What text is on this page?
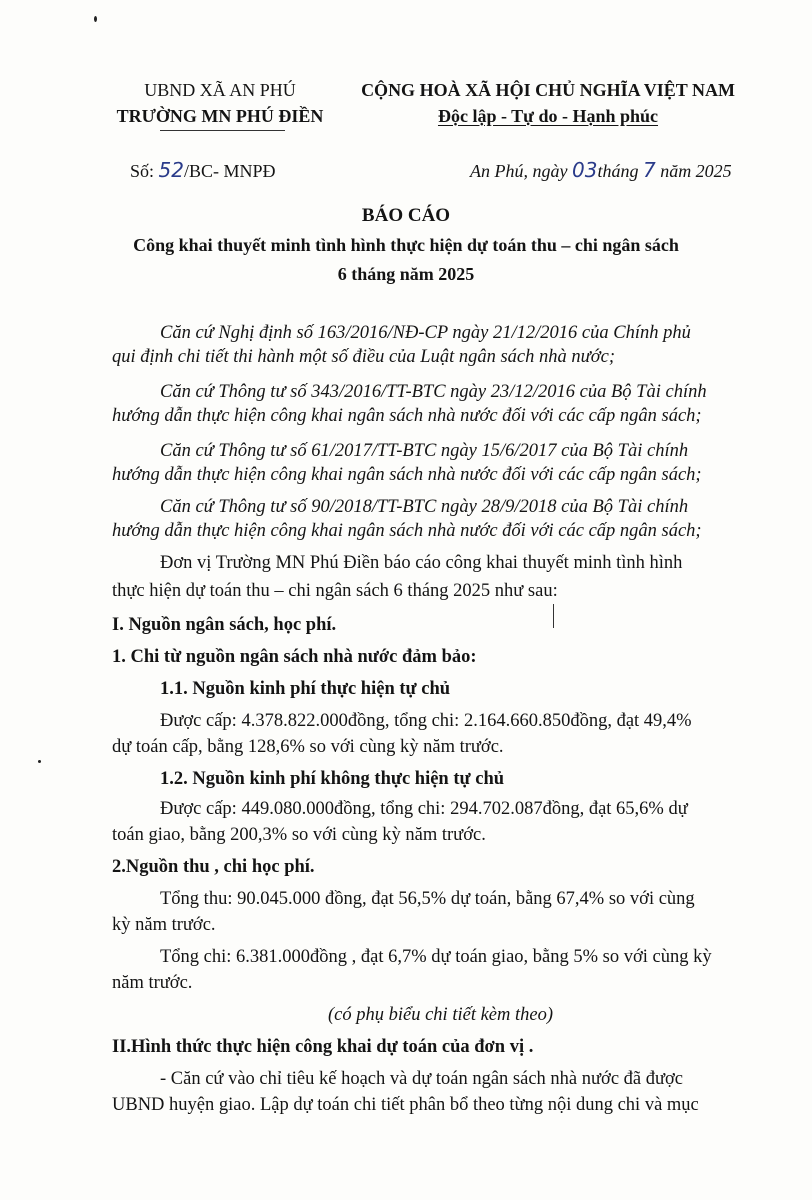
UBND XÃ AN PHÚ
TRƯỜNG MN PHÚ ĐIỀN
CỘNG HOÀ XÃ HỘI CHỦ NGHĨA VIỆT NAM
Độc lập - Tự do - Hạnh phúc
Số: 52/BC- MNPĐ	An Phú, ngày 03tháng 7 năm 2025
BÁO CÁO
Công khai thuyết minh tình hình thực hiện dự toán thu – chi ngân sách
6 tháng năm 2025
Căn cứ Nghị định số 163/2016/NĐ-CP ngày 21/12/2016 của Chính phủ
qui định chi tiết thi hành một số điều của Luật ngân sách nhà nước;
Căn cứ Thông tư số 343/2016/TT-BTC ngày 23/12/2016 của Bộ Tài chính
hướng dẫn thực hiện công khai ngân sách nhà nước đối với các cấp ngân sách;
Căn cứ Thông tư số 61/2017/TT-BTC ngày 15/6/2017 của Bộ Tài chính
hướng dẫn thực hiện công khai ngân sách nhà nước đối với các cấp ngân sách;
Căn cứ Thông tư số 90/2018/TT-BTC ngày 28/9/2018 của Bộ Tài chính
hướng dẫn thực hiện công khai ngân sách nhà nước đối với các cấp ngân sách;
Đơn vị Trường MN Phú Điền báo cáo công khai thuyết minh tình hình
thực hiện dự toán thu – chi ngân sách 6 tháng 2025 như sau:
I. Nguồn ngân sách, học phí.
1. Chi từ nguồn ngân sách nhà nước đảm bảo:
1.1. Nguồn kinh phí thực hiện tự chủ
Được cấp: 4.378.822.000đồng, tổng chi: 2.164.660.850đồng, đạt 49,4%
dự toán cấp, bằng 128,6% so với cùng kỳ năm trước.
1.2. Nguồn kinh phí không thực hiện tự chủ
Được cấp: 449.080.000đồng, tổng chi: 294.702.087đồng, đạt 65,6% dự
toán giao, bằng 200,3% so với cùng kỳ năm trước.
2.Nguồn thu , chi học phí.
Tổng thu: 90.045.000 đồng, đạt 56,5% dự toán, bằng 67,4% so với cùng
kỳ năm trước.
Tổng chi: 6.381.000đồng , đạt 6,7% dự toán giao, bằng 5% so với cùng kỳ
năm trước.
(có phụ biểu chi tiết kèm theo)
II.Hình thức thực hiện công khai dự toán của đơn vị .
- Căn cứ vào chỉ tiêu kế hoạch và dự toán ngân sách nhà nước đã được
UBND huyện giao. Lập dự toán chi tiết phân bổ theo từng nội dung chi và mục
